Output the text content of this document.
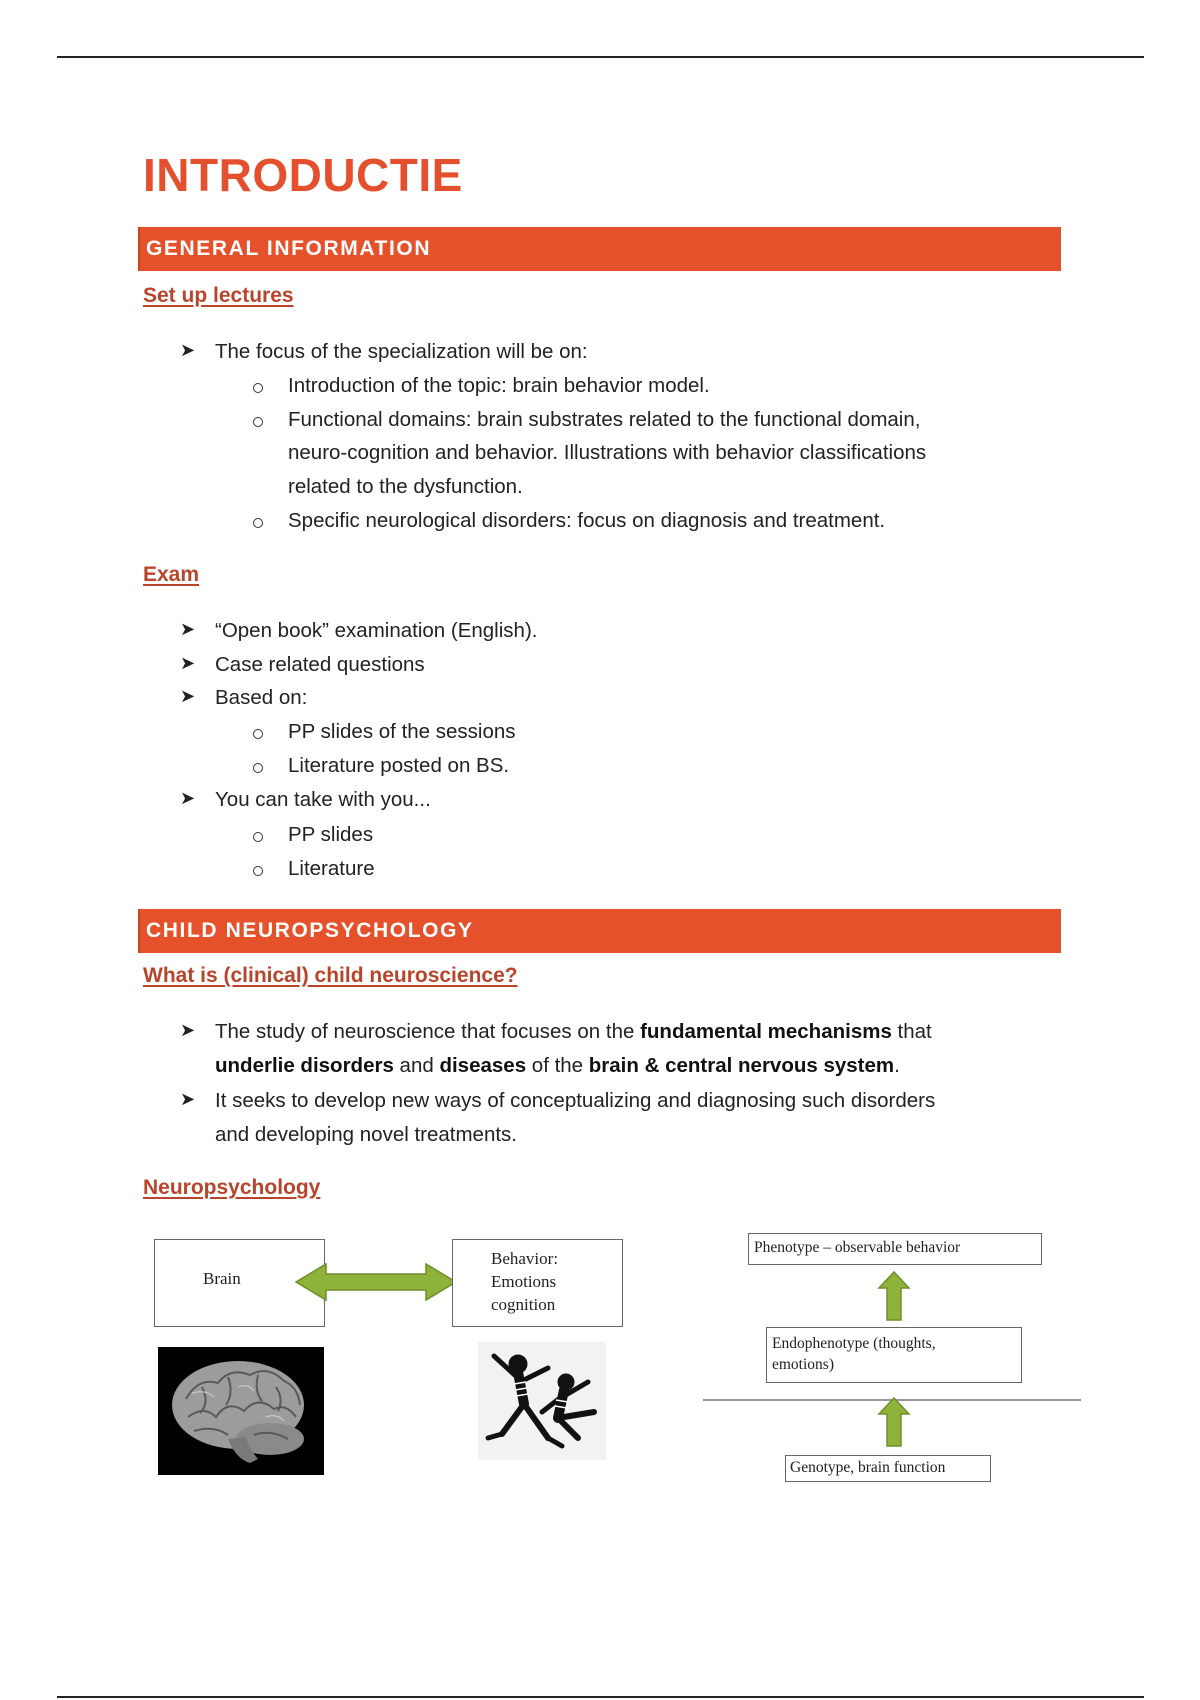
INTRODUCTIE
GENERAL INFORMATION
Set up lectures
➤ The focus of the specialization will be on:
Introduction of the topic: brain behavior model.
Functional domains: brain substrates related to the functional domain,
neuro-cognition and behavior. Illustrations with behavior classifications
related to the dysfunction.
Specific neurological disorders: focus on diagnosis and treatment.
Exam
➤ “Open book” examination (English).
➤ Case related questions
➤ Based on:
PP slides of the sessions
Literature posted on BS.
➤ You can take with you...
PP slides
Literature
CHILD NEUROPSYCHOLOGY
What is (clinical) child neuroscience?
➤ The study of neuroscience that focuses on the fundamental mechanisms that
underlie disorders and diseases of the brain & central nervous system.
➤ It seeks to develop new ways of conceptualizing and diagnosing such disorders
and developing novel treatments.
Neuropsychology
Brain
Behavior:
Emotions
cognition
Phenotype – observable behavior
Endophenotype (thoughts,
emotions)
Genotype, brain function
